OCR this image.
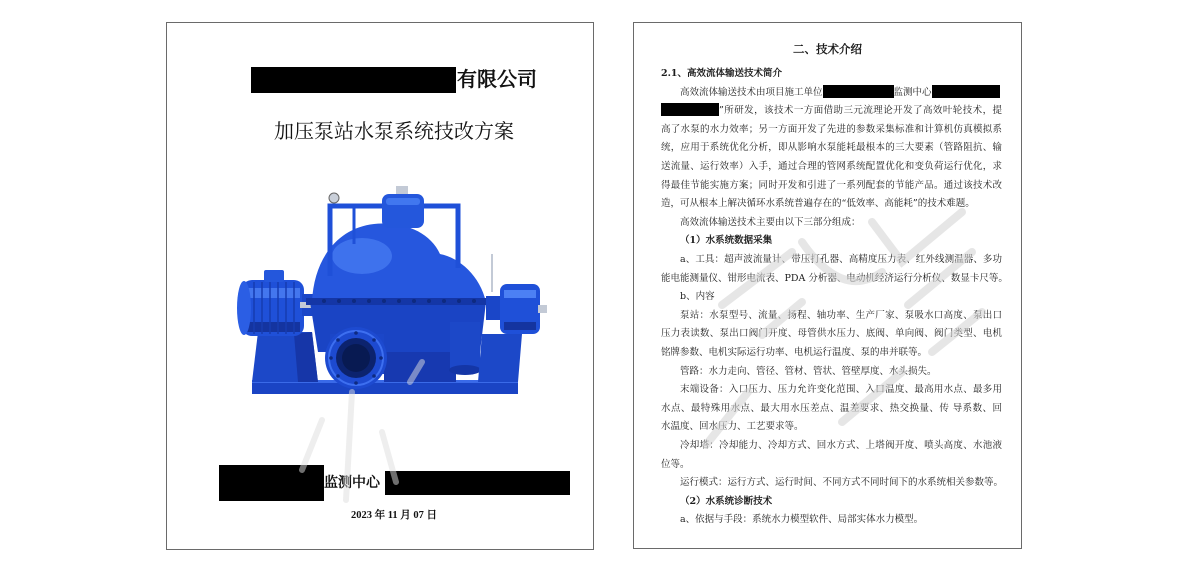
有限公司
加压泵站水泵系统技改方案
监测中心
2023 年 11 月 07 日
二、技术介绍
2.1、高效流体输送技术简介
高效流体输送技术由项目施工单位	监测中心
”所研发，该技术一方面借助三元流理论开发了高效叶轮技术，提
高了水泵的水力效率；另一方面开发了先进的参数采集标准和计算机仿真模拟系
统，应用于系统优化分析，即从影响水泵能耗最根本的三大要素（管路阻抗、输
送流量、运行效率）入手，通过合理的管网系统配置优化和变负荷运行优化，求
得最佳节能实施方案；同时开发和引进了一系列配套的节能产品。通过该技术改
造，可从根本上解决循环水系统普遍存在的“低效率、高能耗”的技术难题。
高效流体输送技术主要由以下三部分组成：
（1）水系统数据采集
a、工具：超声波流量计、带压打孔器、高精度压力表、红外线测温器、多功
能电能测量仪、钳形电流表、PDA 分析器、电动机经济运行分析仪、数显卡尺等。
b、内容
泵站：水泵型号、流量、扬程、轴功率、生产厂家、泵吸水口高度、泵出口
压力表读数、泵出口阀门开度、母管供水压力、底阀、单向阀、阀门类型、电机
铭牌参数、电机实际运行功率、电机运行温度、泵的串并联等。
管路：水力走向、管径、管材、管状、管壁厚度、水头损失。
末端设备：入口压力、压力允许变化范围、入口温度、最高用水点、最多用
水点、最特殊用水点、最大用水压差点、温差要求、热交换量、传 导系数、回
水温度、回水压力、工艺要求等。
冷却塔：冷却能力、冷却方式、回水方式、上塔阀开度、喷头高度、水池液
位等。
运行模式：运行方式、运行时间、不同方式不同时间下的水系统相关参数等。
（2）水系统诊断技术
a、依据与手段：系统水力模型软件、局部实体水力模型。
